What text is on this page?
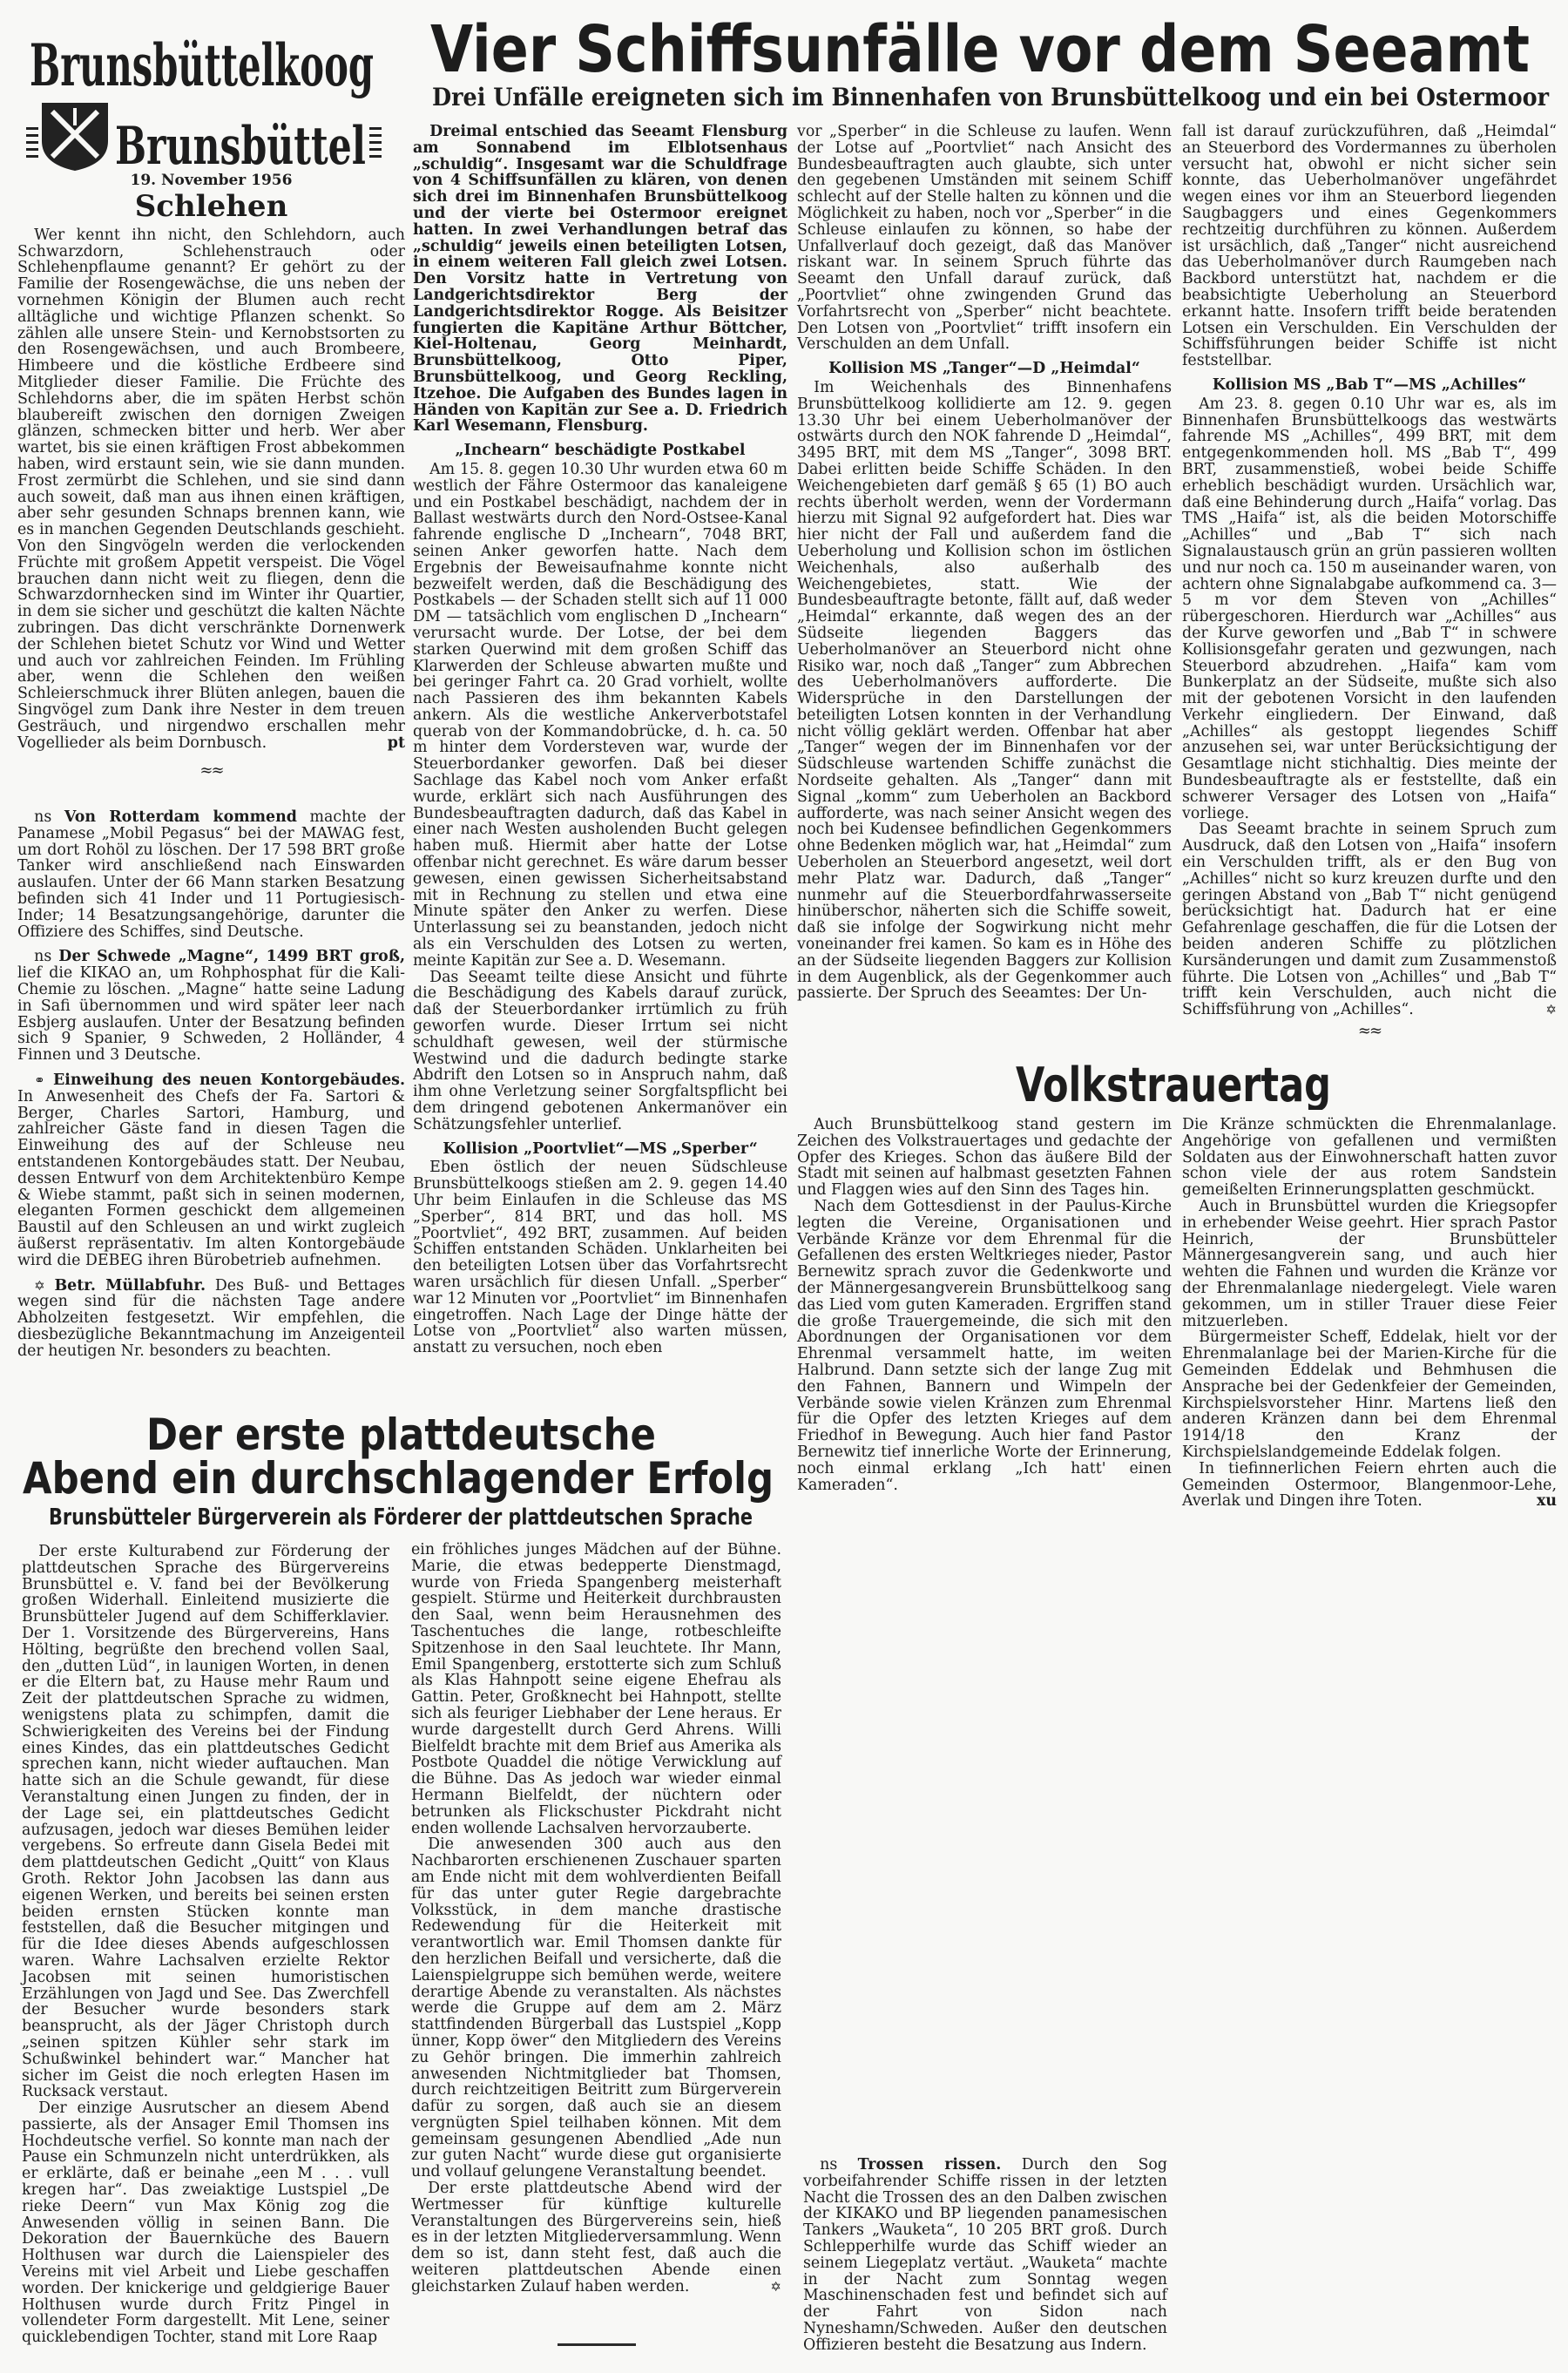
Brunsbüttelkoog
Brunsbüttel
19. November 1956
Schlehen

Wer kennt ihn nicht, den Schlehdorn, auch Schwarzdorn, Schlehenstrauch oder Schlehenpflaume genannt? Er gehört zu der Familie der Rosengewächse, die uns neben der vornehmen Königin der Blumen auch recht alltägliche und wichtige Pflanzen schenkt. So zählen alle unsere Stein- und Kernobstsorten zu den Rosengewächsen, und auch Brombeere, Himbeere und die köstliche Erdbeere sind Mitglieder dieser Familie. Die Früchte des Schlehdorns aber, die im späten Herbst schön blaubereift zwischen den dornigen Zweigen glänzen, schmecken bitter und herb. Wer aber wartet, bis sie einen kräftigen Frost abbekommen haben, wird erstaunt sein, wie sie dann munden. Frost zermürbt die Schlehen, und sie sind dann auch soweit, daß man aus ihnen einen kräftigen, aber sehr gesunden Schnaps brennen kann, wie es in manchen Gegenden Deutschlands geschieht. Von den Singvögeln werden die verlockenden Früchte mit großem Appetit verspeist. Die Vögel brauchen dann nicht weit zu fliegen, denn die Schwarzdornhecken sind im Winter ihr Quartier, in dem sie sicher und geschützt die kalten Nächte zubringen. Das dicht verschränkte Dornenwerk der Schlehen bietet Schutz vor Wind und Wetter und auch vor zahlreichen Feinden. Im Frühling aber, wenn die Schlehen den weißen Schleierschmuck ihrer Blüten anlegen, bauen die Singvögel zum Dank ihre Nester in dem treuen Gesträuch, und nirgendwo erschallen mehr Vogellieder als beim Dornbusch.	pt

≈≈

ns Von Rotterdam kommend machte der Panamese „Mobil Pegasus“ bei der MAWAG fest, um dort Rohöl zu löschen. Der 17 598 BRT große Tanker wird anschließend nach Einswarden auslaufen. Unter der 66 Mann starken Besatzung befinden sich 41 Inder und 11 Portugiesisch-Inder; 14 Besatzungsangehörige, darunter die Offiziere des Schiffes, sind Deutsche.

ns Der Schwede „Magne“, 1499 BRT groß, lief die KIKAO an, um Rohphosphat für die Kali-Chemie zu löschen. „Magne“ hatte seine Ladung in Safi übernommen und wird später leer nach Esbjerg auslaufen. Unter der Besatzung befinden sich 9 Spanier, 9 Schweden, 2 Holländer, 4 Finnen und 3 Deutsche.

⚭ Einweihung des neuen Kontorgebäudes. In Anwesenheit des Chefs der Fa. Sartori & Berger, Charles Sartori, Hamburg, und zahlreicher Gäste fand in diesen Tagen die Einweihung des auf der Schleuse neu entstandenen Kontorgebäudes statt. Der Neubau, dessen Entwurf von dem Architektenbüro Kempe & Wiebe stammt, paßt sich in seinen modernen, eleganten Formen geschickt dem allgemeinen Baustil auf den Schleusen an und wirkt zugleich äußerst repräsentativ. Im alten Kontorgebäude wird die DEBEG ihren Bürobetrieb aufnehmen.

✡ Betr. Müllabfuhr. Des Buß- und Bettages wegen sind für die nächsten Tage andere Abholzeiten festgesetzt. Wir empfehlen, die diesbezügliche Bekanntmachung im Anzeigenteil der heutigen Nr. besonders zu beachten.

Vier Schiffsunfälle vor dem Seeamt
Drei Unfälle ereigneten sich im Binnenhafen von Brunsbüttelkoog und ein bei Ostermoor

Dreimal entschied das Seeamt Flensburg am Sonnabend im Elblotsenhaus „schuldig“. Insgesamt war die Schuldfrage von 4 Schiffsunfällen zu klären, von denen sich drei im Binnenhafen Brunsbüttelkoog und der vierte bei Ostermoor ereignet hatten. In zwei Verhandlungen betraf das „schuldig“ jeweils einen beteiligten Lotsen, in einem weiteren Fall gleich zwei Lotsen. Den Vorsitz hatte in Vertretung von Landgerichtsdirektor Berg der Landgerichtsdirektor Rogge. Als Beisitzer fungierten die Kapitäne Arthur Böttcher, Kiel-Holtenau, Georg Meinhardt, Brunsbüttelkoog, Otto Piper, Brunsbüttelkoog, und Georg Reckling, Itzehoe. Die Aufgaben des Bundes lagen in Händen von Kapitän zur See a. D. Friedrich Karl Wesemann, Flensburg.

„Inchearn“ beschädigte Postkabel

Am 15. 8. gegen 10.30 Uhr wurden etwa 60 m westlich der Fähre Ostermoor das kanaleigene und ein Postkabel beschädigt, nachdem der in Ballast westwärts durch den Nord-Ostsee-Kanal fahrende englische D „Inchearn“, 7048 BRT, seinen Anker geworfen hatte. Nach dem Ergebnis der Beweisaufnahme konnte nicht bezweifelt werden, daß die Beschädigung des Postkabels — der Schaden stellt sich auf 11 000 DM — tatsächlich vom englischen D „Inchearn“ verursacht wurde. Der Lotse, der bei dem starken Querwind mit dem großen Schiff das Klarwerden der Schleuse abwarten mußte und bei geringer Fahrt ca. 20 Grad vorhielt, wollte nach Passieren des ihm bekannten Kabels ankern. Als die westliche Ankerverbotstafel querab von der Kommandobrücke, d. h. ca. 50 m hinter dem Vordersteven war, wurde der Steuerbordanker geworfen. Daß bei dieser Sachlage das Kabel noch vom Anker erfaßt wurde, erklärt sich nach Ausführungen des Bundesbeauftragten dadurch, daß das Kabel in einer nach Westen ausholenden Bucht gelegen haben muß. Hiermit aber hatte der Lotse offenbar nicht gerechnet. Es wäre darum besser gewesen, einen gewissen Sicherheitsabstand mit in Rechnung zu stellen und etwa eine Minute später den Anker zu werfen. Diese Unterlassung sei zu beanstanden, jedoch nicht als ein Verschulden des Lotsen zu werten, meinte Kapitän zur See a. D. Wesemann.

Das Seeamt teilte diese Ansicht und führte die Beschädigung des Kabels darauf zurück, daß der Steuerbordanker irrtümlich zu früh geworfen wurde. Dieser Irrtum sei nicht schuldhaft gewesen, weil der stürmische Westwind und die dadurch bedingte starke Abdrift den Lotsen so in Anspruch nahm, daß ihm ohne Verletzung seiner Sorgfaltspflicht bei dem dringend gebotenen Ankermanöver ein Schätzungsfehler unterlief.

Kollision „Poortvliet“—MS „Sperber“

Eben östlich der neuen Südschleuse Brunsbüttelkoogs stießen am 2. 9. gegen 14.40 Uhr beim Einlaufen in die Schleuse das MS „Sperber“, 814 BRT, und das holl. MS „Poortvliet“, 492 BRT, zusammen. Auf beiden Schiffen entstanden Schäden. Unklarheiten bei den beteiligten Lotsen über das Vorfahrtsrecht waren ursächlich für diesen Unfall. „Sperber“ war 12 Minuten vor „Poortvliet“ im Binnenhafen eingetroffen. Nach Lage der Dinge hätte der Lotse von „Poortvliet“ also warten müssen, anstatt zu versuchen, noch eben

vor „Sperber“ in die Schleuse zu laufen. Wenn der Lotse auf „Poortvliet“ nach Ansicht des Bundesbeauftragten auch glaubte, sich unter den gegebenen Umständen mit seinem Schiff schlecht auf der Stelle halten zu können und die Möglichkeit zu haben, noch vor „Sperber“ in die Schleuse einlaufen zu können, so habe der Unfallverlauf doch gezeigt, daß das Manöver riskant war. In seinem Spruch führte das Seeamt den Unfall darauf zurück, daß „Poortvliet“ ohne zwingenden Grund das Vorfahrtsrecht von „Sperber“ nicht beachtete. Den Lotsen von „Poortvliet“ trifft insofern ein Verschulden an dem Unfall.

Kollision MS „Tanger“—D „Heimdal“

Im Weichenhals des Binnenhafens Brunsbüttelkoog kollidierte am 12. 9. gegen 13.30 Uhr bei einem Ueberholmanöver der ostwärts durch den NOK fahrende D „Heimdal“, 3495 BRT, mit dem MS „Tanger“, 3098 BRT. Dabei erlitten beide Schiffe Schäden. In den Weichengebieten darf gemäß § 65 (1) BO auch rechts überholt werden, wenn der Vordermann hierzu mit Signal 92 aufgefordert hat. Dies war hier nicht der Fall und außerdem fand die Ueberholung und Kollision schon im östlichen Weichenhals, also außerhalb des Weichengebietes, statt. Wie der Bundesbeauftragte betonte, fällt auf, daß weder „Heimdal“ erkannte, daß wegen des an der Südseite liegenden Baggers das Ueberholmanöver an Steuerbord nicht ohne Risiko war, noch daß „Tanger“ zum Abbrechen des Ueberholmanövers aufforderte. Die Widersprüche in den Darstellungen der beteiligten Lotsen konnten in der Verhandlung nicht völlig geklärt werden. Offenbar hat aber „Tanger“ wegen der im Binnenhafen vor der Südschleuse wartenden Schiffe zunächst die Nordseite gehalten. Als „Tanger“ dann mit Signal „komm“ zum Ueberholen an Backbord aufforderte, was nach seiner Ansicht wegen des noch bei Kudensee befindlichen Gegenkommers ohne Bedenken möglich war, hat „Heimdal“ zum Ueberholen an Steuerbord angesetzt, weil dort mehr Platz war. Dadurch, daß „Tanger“ nunmehr auf die Steuerbordfahrwasserseite hinüberschor, näherten sich die Schiffe soweit, daß sie infolge der Sogwirkung nicht mehr voneinander frei kamen. So kam es in Höhe des an der Südseite liegenden Baggers zur Kollision in dem Augenblick, als der Gegenkommer auch passierte. Der Spruch des Seeamtes: Der Un-

fall ist darauf zurückzuführen, daß „Heimdal“ an Steuerbord des Vordermannes zu überholen versucht hat, obwohl er nicht sicher sein konnte, das Ueberholmanöver ungefährdet wegen eines vor ihm an Steuerbord liegenden Saugbaggers und eines Gegenkommers rechtzeitig durchführen zu können. Außerdem ist ursächlich, daß „Tanger“ nicht ausreichend das Ueberholmanöver durch Raumgeben nach Backbord unterstützt hat, nachdem er die beabsichtigte Ueberholung an Steuerbord erkannt hatte. Insofern trifft beide beratenden Lotsen ein Verschulden. Ein Verschulden der Schiffsführungen beider Schiffe ist nicht feststellbar.

Kollision MS „Bab T“—MS „Achilles“

Am 23. 8. gegen 0.10 Uhr war es, als im Binnenhafen Brunsbüttelkoogs das westwärts fahrende MS „Achilles“, 499 BRT, mit dem entgegenkommenden holl. MS „Bab T“, 499 BRT, zusammenstieß, wobei beide Schiffe erheblich beschädigt wurden. Ursächlich war, daß eine Behinderung durch „Haifa“ vorlag. Das TMS „Haifa“ ist, als die beiden Motorschiffe „Achilles“ und „Bab T“ sich nach Signalaustausch grün an grün passieren wollten und nur noch ca. 150 m auseinander waren, von achtern ohne Signalabgabe aufkommend ca. 3—5 m vor dem Steven von „Achilles“ rübergeschoren. Hierdurch war „Achilles“ aus der Kurve geworfen und „Bab T“ in schwere Kollisionsgefahr geraten und gezwungen, nach Steuerbord abzudrehen. „Haifa“ kam vom Bunkerplatz an der Südseite, mußte sich also mit der gebotenen Vorsicht in den laufenden Verkehr eingliedern. Der Einwand, daß „Achilles“ als gestoppt liegendes Schiff anzusehen sei, war unter Berücksichtigung der Gesamtlage nicht stichhaltig. Dies meinte der Bundesbeauftragte als er feststellte, daß ein schwerer Versager des Lotsen von „Haifa“ vorliege.

Das Seeamt brachte in seinem Spruch zum Ausdruck, daß den Lotsen von „Haifa“ insofern ein Verschulden trifft, als er den Bug von „Achilles“ nicht so kurz kreuzen durfte und den geringen Abstand von „Bab T“ nicht genügend berücksichtigt hat. Dadurch hat er eine Gefahrenlage geschaffen, die für die Lotsen der beiden anderen Schiffe zu plötzlichen Kursänderungen und damit zum Zusammenstoß führte. Die Lotsen von „Achilles“ und „Bab T“ trifft kein Verschulden, auch nicht die Schiffsführung von „Achilles“.	✡

≈≈
Volkstrauertag

Auch Brunsbüttelkoog stand gestern im Zeichen des Volkstrauertages und gedachte der Opfer des Krieges. Schon das äußere Bild der Stadt mit seinen auf halbmast gesetzten Fahnen und Flaggen wies auf den Sinn des Tages hin.

Nach dem Gottesdienst in der Paulus-Kirche legten die Vereine, Organisationen und Verbände Kränze vor dem Ehrenmal für die Gefallenen des ersten Weltkrieges nieder, Pastor Bernewitz sprach zuvor die Gedenkworte und der Männergesangverein Brunsbüttelkoog sang das Lied vom guten Kameraden. Ergriffen stand die große Trauergemeinde, die sich mit den Abordnungen der Organisationen vor dem Ehrenmal versammelt hatte, im weiten Halbrund. Dann setzte sich der lange Zug mit den Fahnen, Bannern und Wimpeln der Verbände sowie vielen Kränzen zum Ehrenmal für die Opfer des letzten Krieges auf dem Friedhof in Bewegung. Auch hier fand Pastor Bernewitz tief innerliche Worte der Erinnerung, noch einmal erklang „Ich hatt' einen Kameraden“.

Die Kränze schmückten die Ehrenmalanlage. Angehörige von gefallenen und vermißten Soldaten aus der Einwohnerschaft hatten zuvor schon viele der aus rotem Sandstein gemeißelten Erinnerungsplatten geschmückt.

Auch in Brunsbüttel wurden die Kriegsopfer in erhebender Weise geehrt. Hier sprach Pastor Heinrich, der Brunsbütteler Männergesangverein sang, und auch hier wehten die Fahnen und wurden die Kränze vor der Ehrenmalanlage niedergelegt. Viele waren gekommen, um in stiller Trauer diese Feier mitzuerleben.

Bürgermeister Scheff, Eddelak, hielt vor der Ehrenmalanlage bei der Marien-Kirche für die Gemeinden Eddelak und Behmhusen die Ansprache bei der Gedenkfeier der Gemeinden, Kirchspielsvorsteher Hinr. Martens ließ den anderen Kränzen dann bei dem Ehrenmal 1914/18 den Kranz der Kirchspielslandgemeinde Eddelak folgen.

In tiefinnerlichen Feiern ehrten auch die Gemeinden Ostermoor, Blangenmoor-Lehe, Averlak und Dingen ihre Toten.	xu

Der erste plattdeutsche
Abend ein durchschlagender Erfolg
Brunsbütteler Bürgerverein als Förderer der plattdeutschen Sprache

Der erste Kulturabend zur Förderung der plattdeutschen Sprache des Bürgervereins Brunsbüttel e. V. fand bei der Bevölkerung großen Widerhall. Einleitend musizierte die Brunsbütteler Jugend auf dem Schifferklavier. Der 1. Vorsitzende des Bürgervereins, Hans Hölting, begrüßte den brechend vollen Saal, den „dutten Lüd“, in launigen Worten, in denen er die Eltern bat, zu Hause mehr Raum und Zeit der plattdeutschen Sprache zu widmen, wenigstens plata zu schimpfen, damit die Schwierigkeiten des Vereins bei der Findung eines Kindes, das ein plattdeutsches Gedicht sprechen kann, nicht wieder auftauchen. Man hatte sich an die Schule gewandt, für diese Veranstaltung einen Jungen zu finden, der in der Lage sei, ein plattdeutsches Gedicht aufzusagen, jedoch war dieses Bemühen leider vergebens. So erfreute dann Gisela Bedei mit dem plattdeutschen Gedicht „Quitt“ von Klaus Groth. Rektor John Jacobsen las dann aus eigenen Werken, und bereits bei seinen ersten beiden ernsten Stücken konnte man feststellen, daß die Besucher mitgingen und für die Idee dieses Abends aufgeschlossen waren. Wahre Lachsalven erzielte Rektor Jacobsen mit seinen humoristischen Erzählungen von Jagd und See. Das Zwerchfell der Besucher wurde besonders stark beansprucht, als der Jäger Christoph durch „seinen spitzen Kühler sehr stark im Schußwinkel behindert war.“ Mancher hat sicher im Geist die noch erlegten Hasen im Rucksack verstaut.

Der einzige Ausrutscher an diesem Abend passierte, als der Ansager Emil Thomsen ins Hochdeutsche verfiel. So konnte man nach der Pause ein Schmunzeln nicht unterdrükken, als er erklärte, daß er beinahe „een M . . . vull kregen har“. Das zweiaktige Lustspiel „De rieke Deern“ vun Max König zog die Anwesenden völlig in seinen Bann. Die Dekoration der Bauernküche des Bauern Holthusen war durch die Laienspieler des Vereins mit viel Arbeit und Liebe geschaffen worden. Der knickerige und geldgierige Bauer Holthusen wurde durch Fritz Pingel in vollendeter Form dargestellt. Mit Lene, seiner quicklebendigen Tochter, stand mit Lore Raap

ein fröhliches junges Mädchen auf der Bühne. Marie, die etwas bedepperte Dienstmagd, wurde von Frieda Spangenberg meisterhaft gespielt. Stürme und Heiterkeit durchbrausten den Saal, wenn beim Herausnehmen des Taschentuches die lange, rotbeschleifte Spitzenhose in den Saal leuchtete. Ihr Mann, Emil Spangenberg, erstotterte sich zum Schluß als Klas Hahnpott seine eigene Ehefrau als Gattin. Peter, Großknecht bei Hahnpott, stellte sich als feuriger Liebhaber der Lene heraus. Er wurde dargestellt durch Gerd Ahrens. Willi Bielfeldt brachte mit dem Brief aus Amerika als Postbote Quaddel die nötige Verwicklung auf die Bühne. Das As jedoch war wieder einmal Hermann Bielfeldt, der nüchtern oder betrunken als Flickschuster Pickdraht nicht enden wollende Lachsalven hervorzauberte.

Die anwesenden 300 auch aus den Nachbarorten erschienenen Zuschauer sparten am Ende nicht mit dem wohlverdienten Beifall für das unter guter Regie dargebrachte Volksstück, in dem manche drastische Redewendung für die Heiterkeit mit verantwortlich war. Emil Thomsen dankte für den herzlichen Beifall und versicherte, daß die Laienspielgruppe sich bemühen werde, weitere derartige Abende zu veranstalten. Als nächstes werde die Gruppe auf dem am 2. März stattfindenden Bürgerball das Lustspiel „Kopp ünner, Kopp öwer“ den Mitgliedern des Vereins zu Gehör bringen. Die immerhin zahlreich anwesenden Nichtmitglieder bat Thomsen, durch reichtzeitigen Beitritt zum Bürgerverein dafür zu sorgen, daß auch sie an diesem vergnügten Spiel teilhaben können. Mit dem gemeinsam gesungenen Abendlied „Ade nun zur guten Nacht“ wurde diese gut organisierte und vollauf gelungene Veranstaltung beendet.

Der erste plattdeutsche Abend wird der Wertmesser für künftige kulturelle Veranstaltungen des Bürgervereins sein, hieß es in der letzten Mitgliederversammlung. Wenn dem so ist, dann steht fest, daß auch die weiteren plattdeutschen Abende einen gleichstarken Zulauf haben werden.	✡

ns Trossen rissen. Durch den Sog vorbeifahrender Schiffe rissen in der letzten Nacht die Trossen des an den Dalben zwischen der KIKAKO und BP liegenden panamesischen Tankers „Wauketa“, 10 205 BRT groß. Durch Schlepperhilfe wurde das Schiff wieder an seinem Liegeplatz vertäut. „Wauketa“ machte in der Nacht zum Sonntag wegen Maschinenschaden fest und befindet sich auf der Fahrt von Sidon nach Nyneshamn/Schweden. Außer den deutschen Offizieren besteht die Besatzung aus Indern.
